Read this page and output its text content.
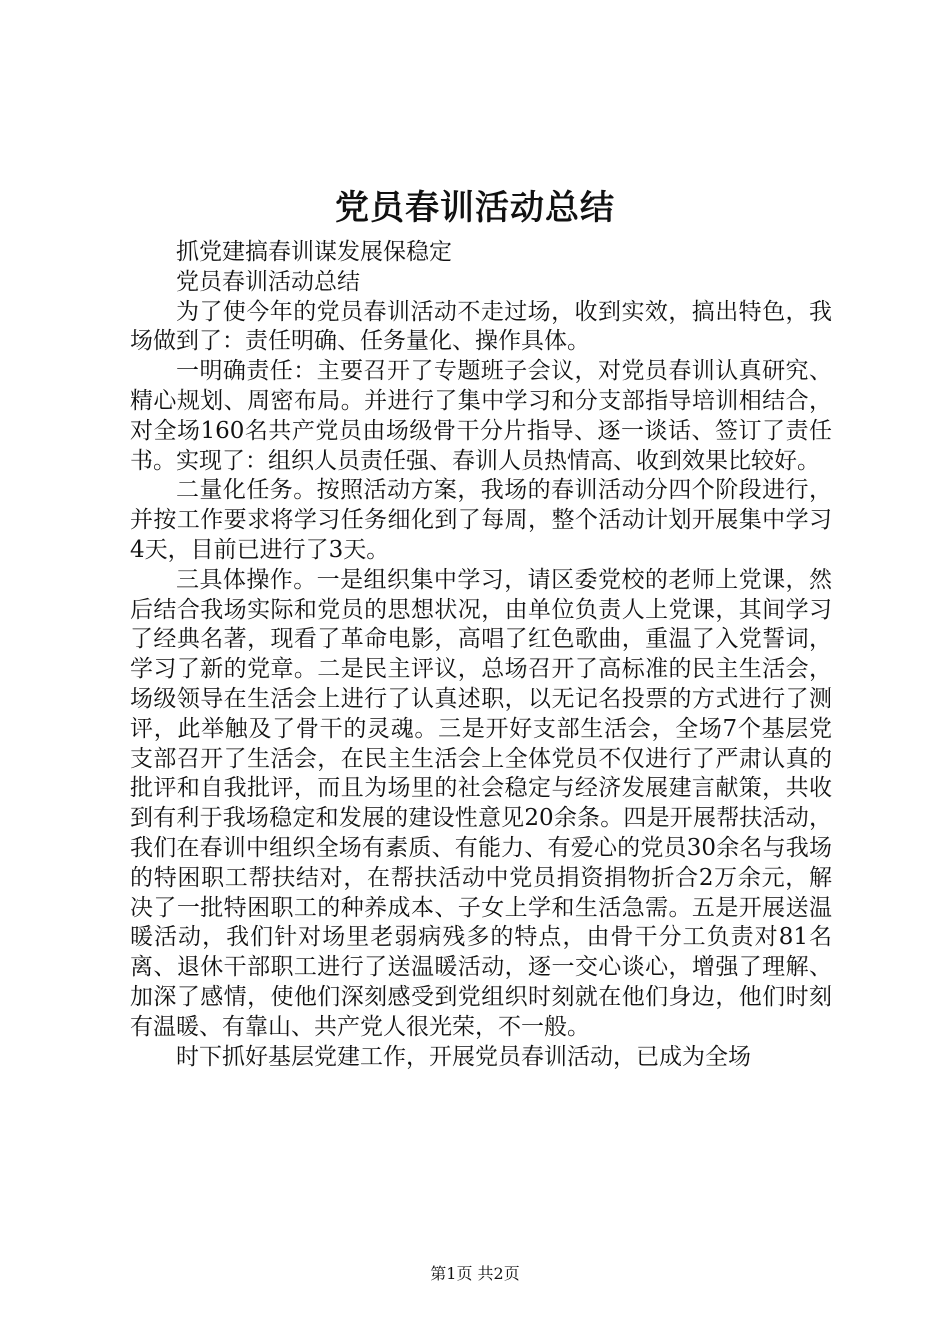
党员春训活动总结

抓党建搞春训谋发展保稳定

党员春训活动总结

为了使今年的党员春训活动不走过场，收到实效，搞出特色，我场做到了：责任明确、任务量化、操作具体。

一明确责任：主要召开了专题班子会议，对党员春训认真研究、精心规划、周密布局。并进行了集中学习和分支部指导培训相结合，对全场160名共产党员由场级骨干分片指导、逐一谈话、签订了责任书。实现了：组织人员责任强、春训人员热情高、收到效果比较好。

二量化任务。按照活动方案，我场的春训活动分四个阶段进行，并按工作要求将学习任务细化到了每周，整个活动计划开展集中学习4天，目前已进行了3天。

三具体操作。一是组织集中学习，请区委党校的老师上党课，然后结合我场实际和党员的思想状况，由单位负责人上党课，其间学习了经典名著，现看了革命电影，高唱了红色歌曲，重温了入党誓词，学习了新的党章。二是民主评议，总场召开了高标准的民主生活会，场级领导在生活会上进行了认真述职，以无记名投票的方式进行了测评，此举触及了骨干的灵魂。三是开好支部生活会，全场7个基层党支部召开了生活会，在民主生活会上全体党员不仅进行了严肃认真的批评和自我批评，而且为场里的社会稳定与经济发展建言献策，共收到有利于我场稳定和发展的建设性意见20余条。四是开展帮扶活动，我们在春训中组织全场有素质、有能力、有爱心的党员30余名与我场的特困职工帮扶结对，在帮扶活动中党员捐资捐物折合2万余元，解决了一批特困职工的种养成本、子女上学和生活急需。五是开展送温暖活动，我们针对场里老弱病残多的特点，由骨干分工负责对81名离、退休干部职工进行了送温暖活动，逐一交心谈心，增强了理解、加深了感情，使他们深刻感受到党组织时刻就在他们身边，他们时刻有温暖、有靠山、共产党人很光荣，不一般。

时下抓好基层党建工作，开展党员春训活动，已成为全场

第1页 共2页
